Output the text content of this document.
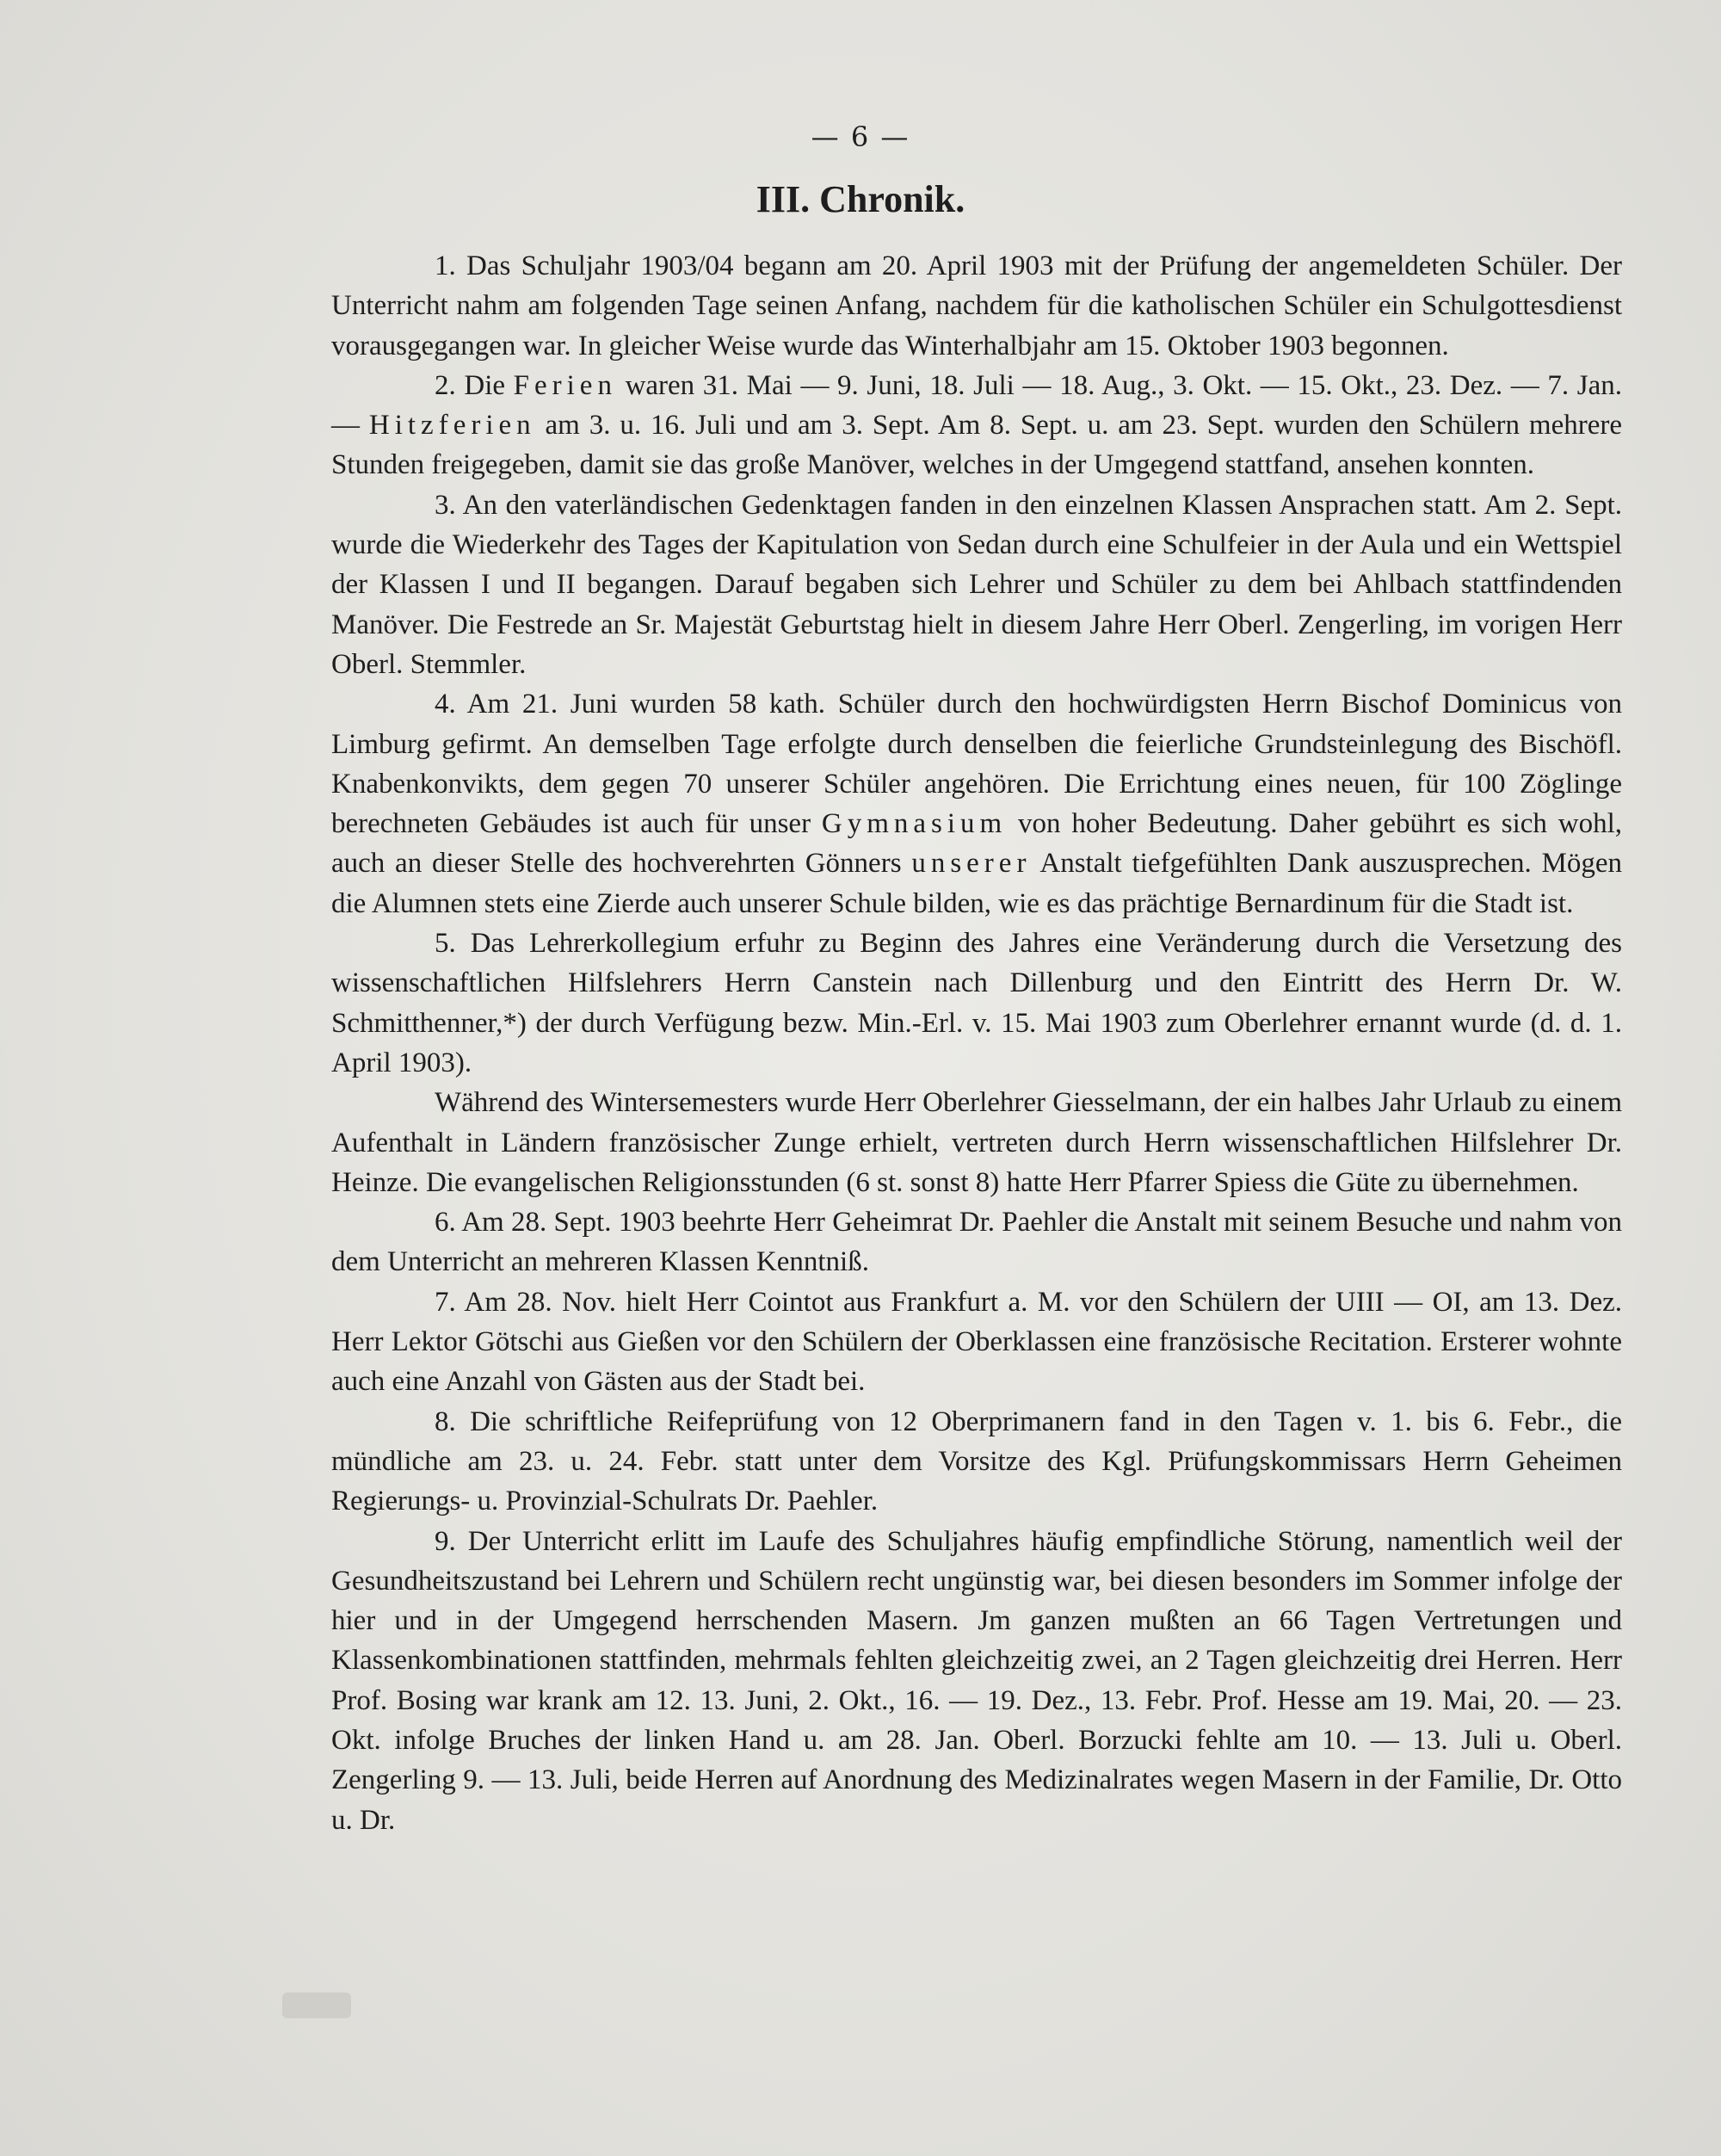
— 6 —
III. Chronik.

1. Das Schuljahr 1903/04 begann am 20. April 1903 mit der Prüfung der angemeldeten Schüler. Der Unterricht nahm am folgenden Tage seinen Anfang, nachdem für die katholischen Schüler ein Schulgottesdienst vorausgegangen war. In gleicher Weise wurde das Winterhalbjahr am 15. Oktober 1903 begonnen.

2. Die Ferien waren 31. Mai — 9. Juni, 18. Juli — 18. Aug., 3. Okt. — 15. Okt., 23. Dez. — 7. Jan. — Hitzferien am 3. u. 16. Juli und am 3. Sept. Am 8. Sept. u. am 23. Sept. wurden den Schülern mehrere Stunden freigegeben, damit sie das große Manöver, welches in der Umgegend stattfand, ansehen konnten.

3. An den vaterländischen Gedenktagen fanden in den einzelnen Klassen Ansprachen statt. Am 2. Sept. wurde die Wiederkehr des Tages der Kapitulation von Sedan durch eine Schulfeier in der Aula und ein Wettspiel der Klassen I und II begangen. Darauf begaben sich Lehrer und Schüler zu dem bei Ahlbach stattfindenden Manöver. Die Festrede an Sr. Majestät Geburtstag hielt in diesem Jahre Herr Oberl. Zengerling, im vorigen Herr Oberl. Stemmler.

4. Am 21. Juni wurden 58 kath. Schüler durch den hochwürdigsten Herrn Bischof Dominicus von Limburg gefirmt. An demselben Tage erfolgte durch denselben die feierliche Grundsteinlegung des Bischöfl. Knabenkonvikts, dem gegen 70 unserer Schüler angehören. Die Errichtung eines neuen, für 100 Zöglinge berechneten Gebäudes ist auch für unser Gymnasium von hoher Bedeutung. Daher gebührt es sich wohl, auch an dieser Stelle des hochverehrten Gönners unserer Anstalt tiefgefühlten Dank auszusprechen. Mögen die Alumnen stets eine Zierde auch unserer Schule bilden, wie es das prächtige Bernardinum für die Stadt ist.

5. Das Lehrerkollegium erfuhr zu Beginn des Jahres eine Veränderung durch die Versetzung des wissenschaftlichen Hilfslehrers Herrn Canstein nach Dillenburg und den Eintritt des Herrn Dr. W. Schmitthenner,*) der durch Verfügung bezw. Min.-Erl. v. 15. Mai 1903 zum Oberlehrer ernannt wurde (d. d. 1. April 1903).

Während des Wintersemesters wurde Herr Oberlehrer Giesselmann, der ein halbes Jahr Urlaub zu einem Aufenthalt in Ländern französischer Zunge erhielt, vertreten durch Herrn wissenschaftlichen Hilfslehrer Dr. Heinze. Die evangelischen Religionsstunden (6 st. sonst 8) hatte Herr Pfarrer Spiess die Güte zu übernehmen.

6. Am 28. Sept. 1903 beehrte Herr Geheimrat Dr. Paehler die Anstalt mit seinem Besuche und nahm von dem Unterricht an mehreren Klassen Kenntniß.

7. Am 28. Nov. hielt Herr Cointot aus Frankfurt a. M. vor den Schülern der UIII — OI, am 13. Dez. Herr Lektor Götschi aus Gießen vor den Schülern der Oberklassen eine französische Recitation. Ersterer wohnte auch eine Anzahl von Gästen aus der Stadt bei.

8. Die schriftliche Reifeprüfung von 12 Oberprimanern fand in den Tagen v. 1. bis 6. Febr., die mündliche am 23. u. 24. Febr. statt unter dem Vorsitze des Kgl. Prüfungskommissars Herrn Geheimen Regierungs- u. Provinzial-Schulrats Dr. Paehler.

9. Der Unterricht erlitt im Laufe des Schuljahres häufig empfindliche Störung, namentlich weil der Gesundheitszustand bei Lehrern und Schülern recht ungünstig war, bei diesen besonders im Sommer infolge der hier und in der Umgegend herrschenden Masern. Jm ganzen mußten an 66 Tagen Vertretungen und Klassenkombinationen stattfinden, mehrmals fehlten gleichzeitig zwei, an 2 Tagen gleichzeitig drei Herren. Herr Prof. Bosing war krank am 12. 13. Juni, 2. Okt., 16. — 19. Dez., 13. Febr. Prof. Hesse am 19. Mai, 20. — 23. Okt. infolge Bruches der linken Hand u. am 28. Jan. Oberl. Borzucki fehlte am 10. — 13. Juli u. Oberl. Zengerling 9. — 13. Juli, beide Herren auf Anordnung des Medizinalrates wegen Masern in der Familie, Dr. Otto u. Dr.
